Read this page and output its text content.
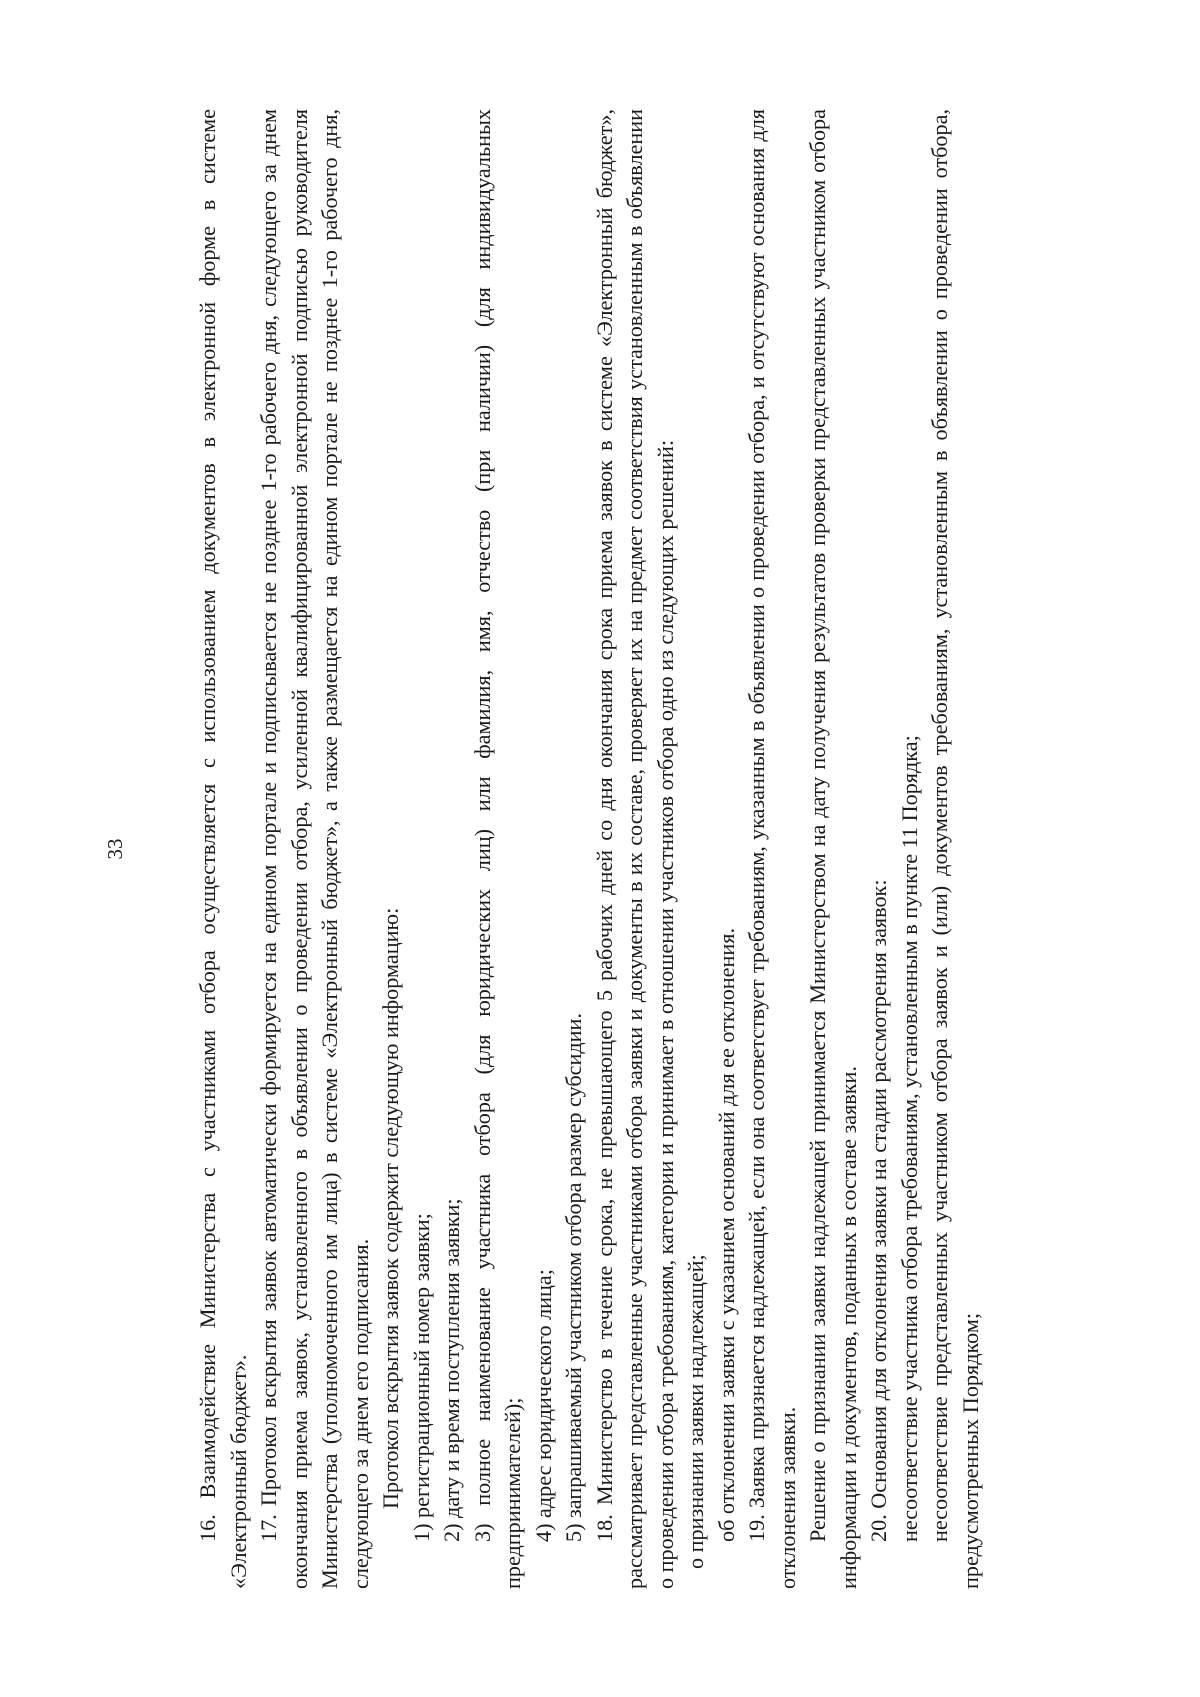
33	16. Взаимодействие Министерства с участниками отбора осуществляется с использованием документов в электронной форме в системе «Электронный бюджет». 17. Протокол вскрытия заявок автоматически формируется на едином портале и подписывается не позднее 1-го рабочего дня, следующего за днем окончания приема заявок, установленного в объявлении о проведении отбора, усиленной квалифицированной электронной подписью руководителя Министерства (уполномоченного им лица) в системе «Электронный бюджет», а также размещается на едином портале не позднее 1-го рабочего дня, следующего за днем его подписания. Протокол вскрытия заявок содержит следующую информацию: 1) регистрационный номер заявки; 2) дату и время поступления заявки; 3) полное наименование участника отбора (для юридических лиц) или фамилия, имя, отчество (при наличии) (для индивидуальных предпринимателей); 4) адрес юридического лица; 5) запрашиваемый участником отбора размер субсидии. 18. Министерство в течение срока, не превышающего 5 рабочих дней со дня окончания срока приема заявок в системе «Электронный бюджет», рассматривает представленные участниками отбора заявки и документы в их составе, проверяет их на предмет соответствия установленным в объявлении о проведении отбора требованиям, категории и принимает в отношении участников отбора одно из следующих решений: о признании заявки надлежащей; об отклонении заявки с указанием оснований для ее отклонения. 19. Заявка признается надлежащей, если она соответствует требованиям, указанным в объявлении о проведении отбора, и отсутствуют основания для отклонения заявки. Решение о признании заявки надлежащей принимается Министерством на дату получения результатов проверки представленных участником отбора информации и документов, поданных в составе заявки. 20. Основания для отклонения заявки на стадии рассмотрения заявок: несоответствие участника отбора требованиям, установленным в пункте 11 Порядка; несоответствие представленных участником отбора заявок и (или) документов требованиям, установленным в объявлении о проведении отбора, предусмотренных Порядком;
